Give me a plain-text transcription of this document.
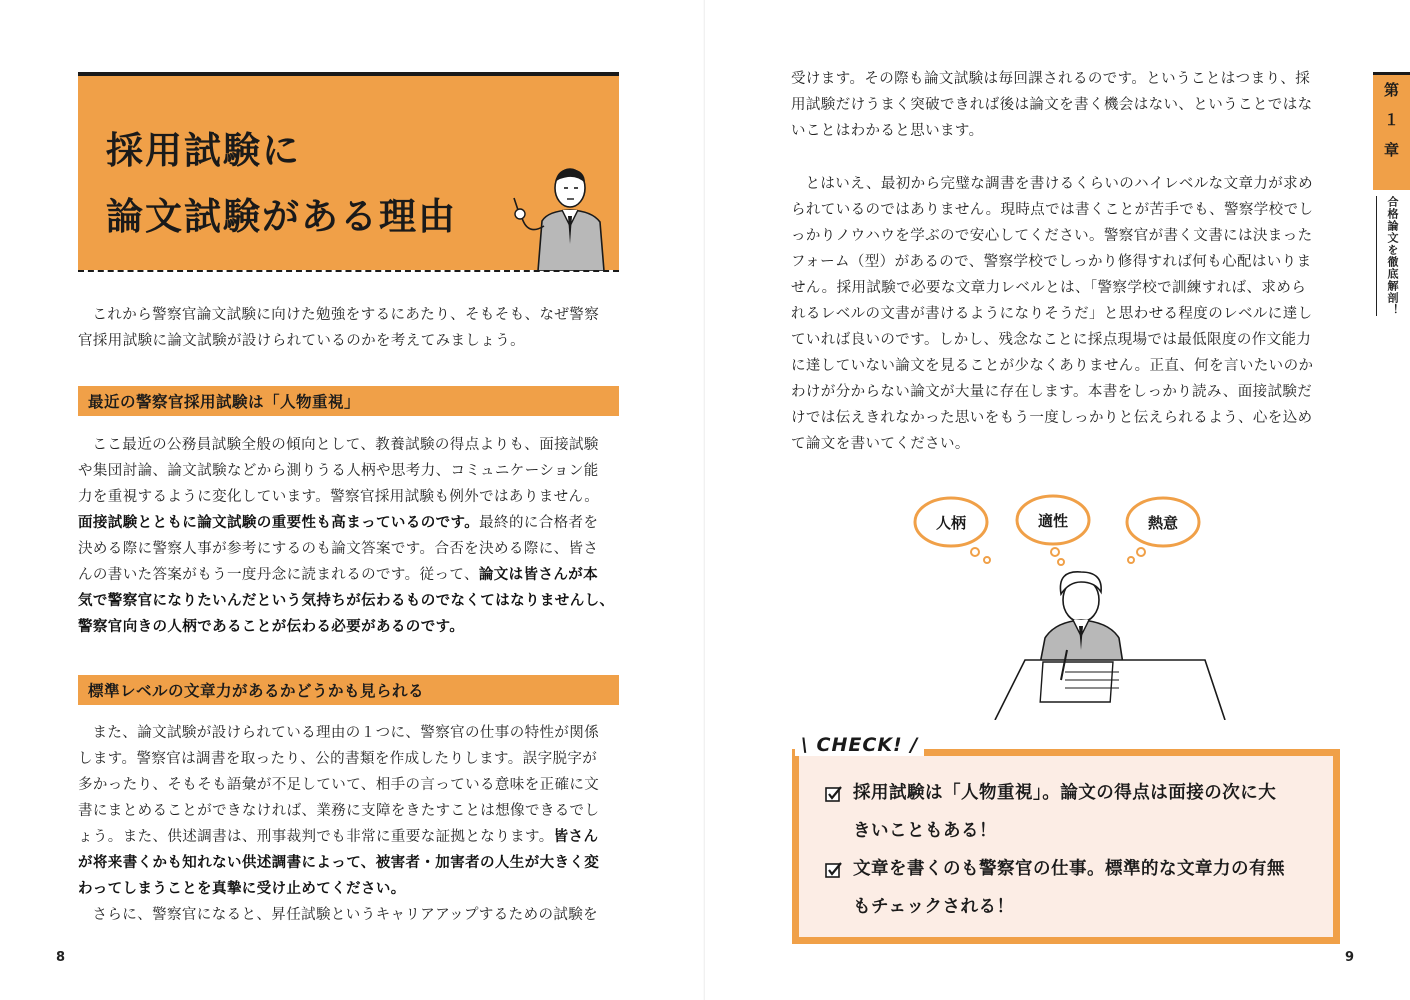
採用試験に
論文試験がある理由

これから警察官論文試験に向けた勉強をするにあたり、そもそも、なぜ警察

官採用試験に論文試験が設けられているのかを考えてみましょう。

最近の警察官採用試験は「人物重視」

ここ最近の公務員試験全般の傾向として、教養試験の得点よりも、面接試験

や集団討論、論文試験などから測りうる人柄や思考力、コミュニケーション能

力を重視するように変化しています。警察官採用試験も例外ではありません。

面接試験とともに論文試験の重要性も高まっているのです。最終的に合格者を

決める際に警察人事が参考にするのも論文答案です。合否を決める際に、皆さ

んの書いた答案がもう一度丹念に読まれるのです。従って、論文は皆さんが本

気で警察官になりたいんだという気持ちが伝わるものでなくてはなりませんし、

警察官向きの人柄であることが伝わる必要があるのです。

標準レベルの文章力があるかどうかも見られる

また、論文試験が設けられている理由の１つに、警察官の仕事の特性が関係

します。警察官は調書を取ったり、公的書類を作成したりします。誤字脱字が

多かったり、そもそも語彙が不足していて、相手の言っている意味を正確に文

書にまとめることができなければ、業務に支障をきたすことは想像できるでし

ょう。また、供述調書は、刑事裁判でも非常に重要な証拠となります。皆さん

が将来書くかも知れない供述調書によって、被害者・加害者の人生が大きく変

わってしまうことを真摯に受け止めてください。

さらに、警察官になると、昇任試験というキャリアアップするための試験を

8

受けます。その際も論文試験は毎回課されるのです。ということはつまり、採

用試験だけうまく突破できれば後は論文を書く機会はない、ということではな

いことはわかると思います。

とはいえ、最初から完璧な調書を書けるくらいのハイレベルな文章力が求め

られているのではありません。現時点では書くことが苦手でも、警察学校でし

っかりノウハウを学ぶので安心してください。警察官が書く文書には決まった

フォーム（型）があるので、警察学校でしっかり修得すれば何も心配はいりま

せん。採用試験で必要な文章力レベルとは、「警察学校で訓練すれば、求めら

れるレベルの文書が書けるようになりそうだ」と思わせる程度のレベルに達し

ていれば良いのです。しかし、残念なことに採点現場では最低限度の作文能力

に達していない論文を見ることが少なくありません。正直、何を言いたいのか

わけが分からない論文が大量に存在します。本書をしっかり読み、面接試験だ

けでは伝えきれなかった思いをもう一度しっかりと伝えられるよう、心を込め

て論文を書いてください。

第
１
章
合格論文を徹底解剖！
人柄	適性	熱意
\ CHECK! /
採用試験は「人物重視」。論文の得点は面接の次に大
きいこともある！
文章を書くのも警察官の仕事。標準的な文章力の有無
もチェックされる！
9
